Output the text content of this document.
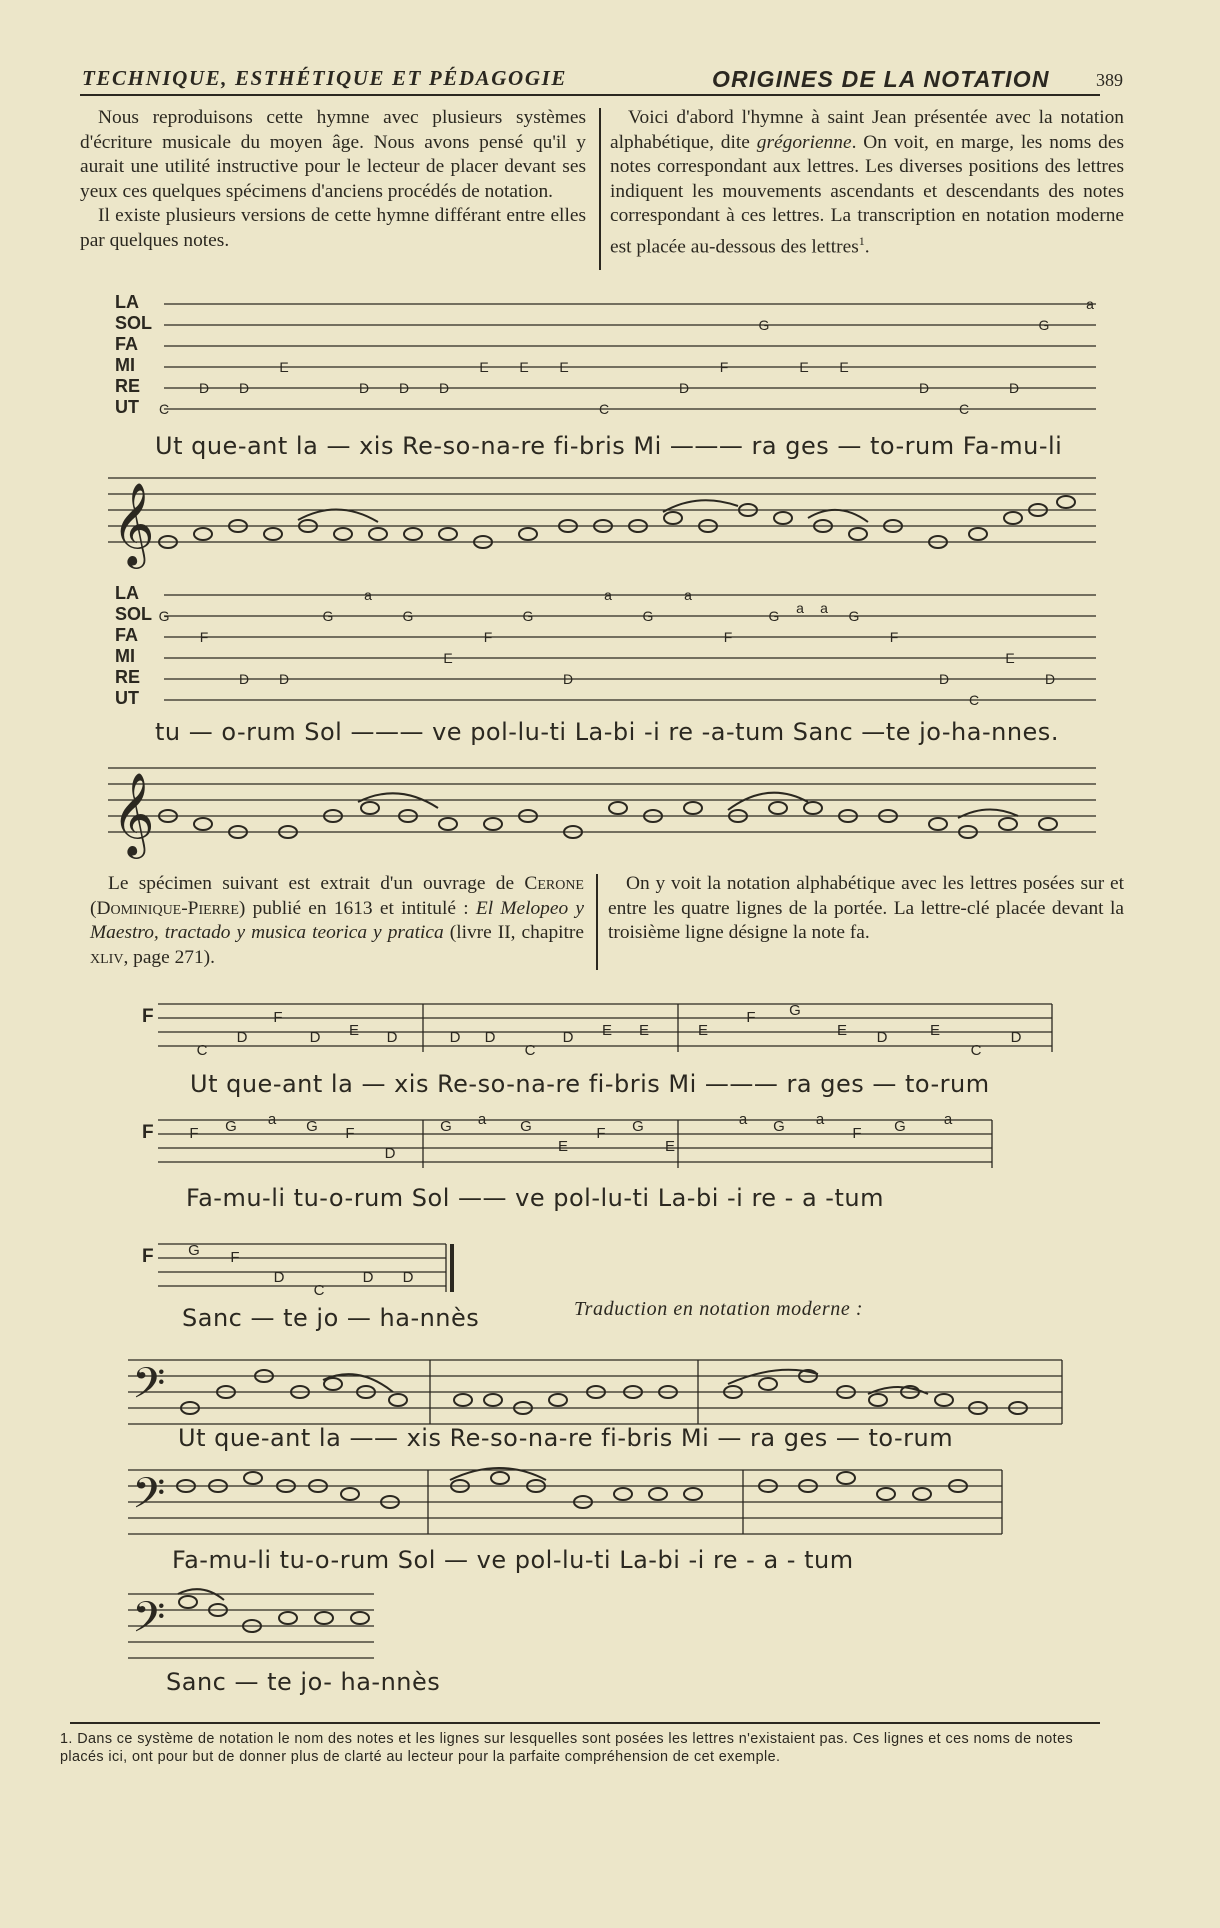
TECHNIQUE, ESTHÉTIQUE ET PÉDAGOGIE	ORIGINES DE LA NOTATION	389

Nous reproduisons cette hymne avec plusieurs systèmes d'écriture musicale du moyen âge. Nous avons pensé qu'il y aurait une utilité instructive pour le lecteur de placer devant ses yeux ces quelques spécimens d'anciens procédés de notation.

Il existe plusieurs versions de cette hymne différant entre elles par quelques notes.

Voici d'abord l'hymne à saint Jean présentée avec la notation alphabétique, dite grégorienne. On voit, en marge, les noms des notes correspondant aux lettres. Les diverses positions des lettres indiquent les mouvements ascendants et descendants des notes correspondant à ces lettres. La transcription en notation moderne est placée au-dessous des lettres$^1$.

LA
SOL
FA
MI
RE
UT	C
D D
E
D D D
E E E
C
D
F
G
E E
D
C
D
G
a
Ut que-ant la — xis Re-so-na-re fi-bris Mi ——— ra ges — to-rum Fa-mu-li
𝄞
LA
SOL
FA
MI
RE
UT
G
F
D D
G
a
G
E
F
G
D
a
G
a
F
G a a G
F
D
C
E
D
tu — o-rum Sol ——— ve pol-lu-ti La-bi -i re -a-tum Sanc —te jo-ha-nnes.
𝄞

Le spécimen suivant est extrait d'un ouvrage de Cerone (Dominique-Pierre) publié en 1613 et intitulé : El Melopeo y Maestro, tractado y musica teorica y pratica (livre II, chapitre xliv, page 271).

On y voit la notation alphabétique avec les lettres posées sur et entre les quatre lignes de la portée. La lettre-clé placée devant la troisième ligne désigne la note fa.

F
C
D
F
D E D	D D
C
D E E	E
F G
E D	E
C
D
Ut que-ant la — xis Re-so-na-re fi-bris Mi ——— ra ges — to-rum
F F G a G F
D
G a G
E
F G
E
a G a
F G	a
Fa-mu-li tu-o-rum Sol —— ve pol-lu-ti La-bi -i re - a -tum
F G F
D
C
D D
Sanc — te jo — ha-nnès	Traduction en notation moderne :
𝄢
Ut que-ant la —— xis Re-so-na-re fi-bris Mi — ra ges — to-rum
𝄢
Fa-mu-li tu-o-rum Sol — ve pol-lu-ti La-bi -i re - a - tum
𝄢
Sanc — te jo- ha-nnès
1. Dans ce système de notation le nom des notes et les lignes sur lesquelles sont posées les lettres n'existaient pas. Ces lignes et ces noms de notes placés ici, ont pour but de donner plus de clarté au lecteur pour la parfaite compréhension de cet exemple.
